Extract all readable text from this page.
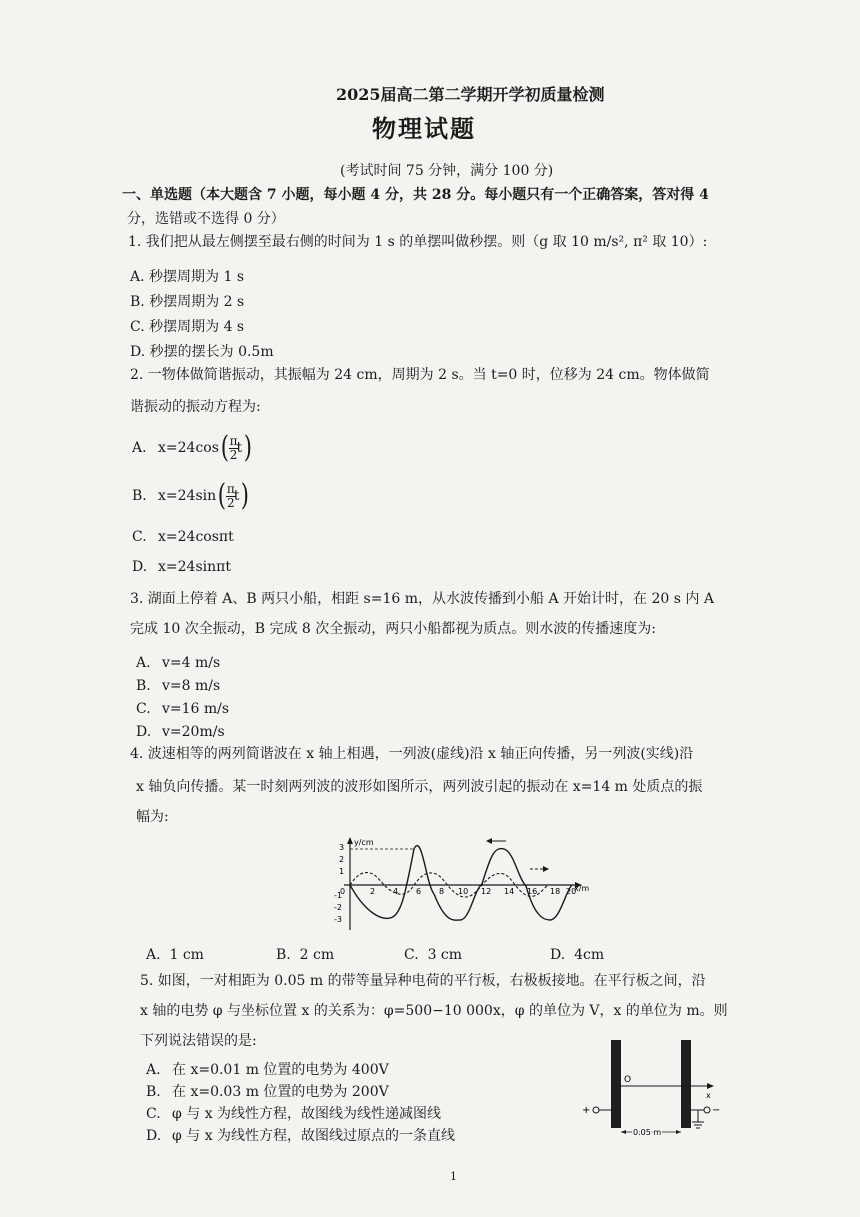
2025届高二第二学期开学初质量检测
物理试题
(考试时间 75 分钟，满分 100 分)
一、单选题（本大题含 7 小题，每小题 4 分，共 28 分。每小题只有一个正确答案，答对得 4
分，选错或不选得 0 分）
1. 我们把从最左侧摆至最右侧的时间为 1 s 的单摆叫做秒摆。则（g 取 10 m/s², π² 取 10）:
A. 秒摆周期为 1 s
B. 秒摆周期为 2 s
C. 秒摆周期为 4 s
D. 秒摆的摆长为 0.5m
2. 一物体做简谐振动，其振幅为 24 cm，周期为 2 s。当 t=0 时，位移为 24 cm。物体做简
谐振动的振动方程为:
A. $x=24\cos( \frac{\pi}{2}$
t)
B. $x=24\sin( \frac{\pi}{2}$
t)
C. x=24cosπt
D. x=24sinπt
3. 湖面上停着 A、B 两只小船，相距 s=16 m，从水波传播到小船 A 开始计时，在 20 s 内 A
完成 10 次全振动，B 完成 8 次全振动，两只小船都视为质点。则水波的传播速度为:
A. v=4 m/s
B. v=8 m/s
C. v=16 m/s
D. v=20m/s
4. 波速相等的两列简谐波在 x 轴上相遇，一列波(虚线)沿 x 轴正向传播，另一列波(实线)沿
x 轴负向传播。某一时刻两列波的波形如图所示，两列波引起的振动在 x=14 m 处质点的振
幅为:
y/cm
x/m
0
3
2
1
-1
-2
-3
2 4 6 8 10 12 14 16 18 20
A. 1 cm	B. 2 cm	C. 3 cm	D. 4cm
5. 如图，一对相距为 0.05 m 的带等量异种电荷的平行板，右极板接地。在平行板之间，沿
x 轴的电势 φ 与坐标位置 x 的关系为：φ=500−10 000x，φ 的单位为 V，x 的单位为 m。则
下列说法错误的是:
A. 在 x=0.01 m 位置的电势为 400V
B. 在 x=0.03 m 位置的电势为 200V
C. φ 与 x 为线性方程，故图线为线性递减图线
D. φ 与 x 为线性方程，故图线过原点的一条直线
O
x
+	−
0.05 m
1
